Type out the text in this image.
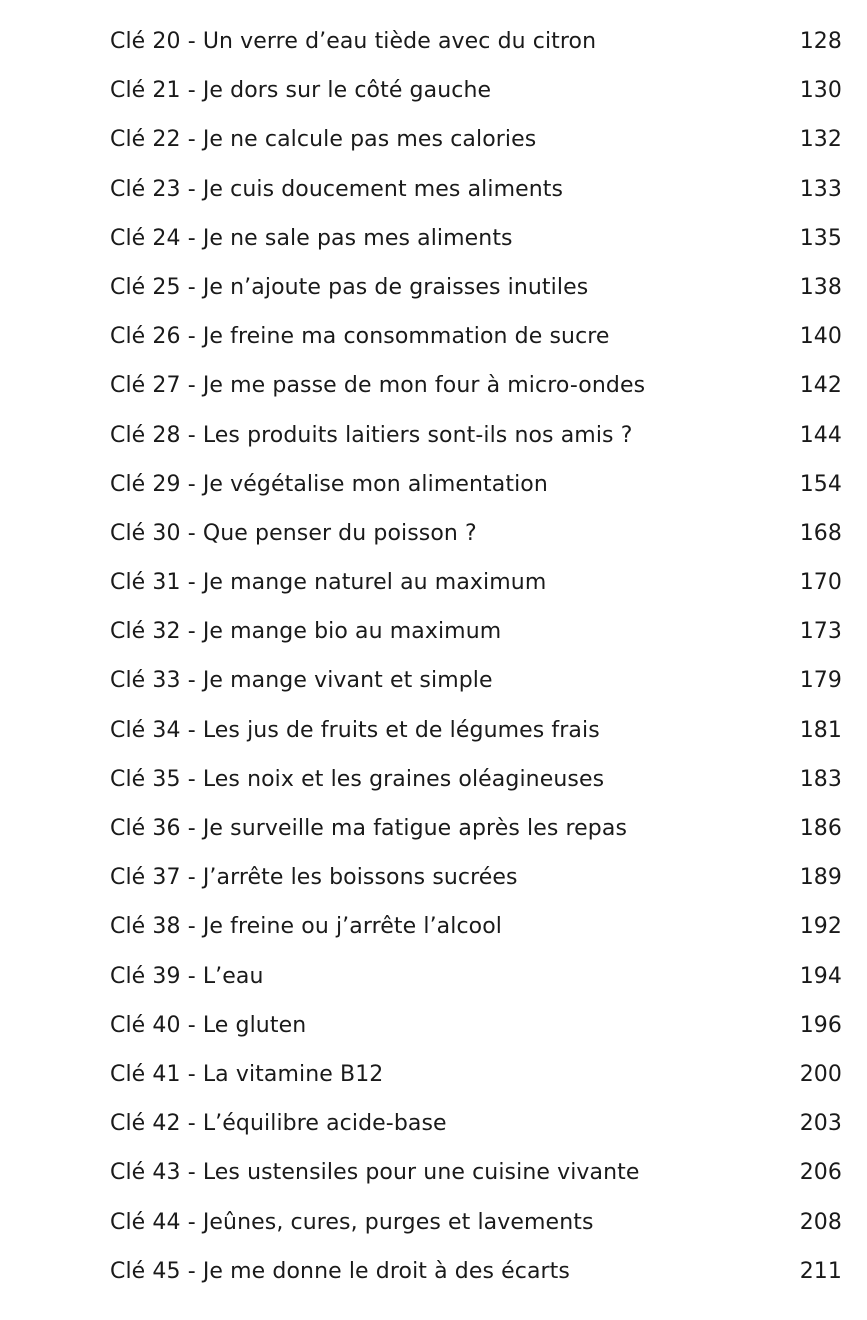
Clé 20 - Un verre d’eau tiède avec du citron .....	128
Clé 21 - Je dors sur le côté gauche .....	130
Clé 22 - Je ne calcule pas mes calories .....	132
Clé 23 - Je cuis doucement mes aliments .....	133
Clé 24 - Je ne sale pas mes aliments .....	135
Clé 25 - Je n’ajoute pas de graisses inutiles .....	138
Clé 26 - Je freine ma consommation de sucre .....	140
Clé 27 - Je me passe de mon four à micro-ondes .....	142
Clé 28 - Les produits laitiers sont-ils nos amis ? .....	144
Clé 29 - Je végétalise mon alimentation .....	154
Clé 30 - Que penser du poisson ? .....	168
Clé 31 - Je mange naturel au maximum .....	170
Clé 32 - Je mange bio au maximum .....	173
Clé 33 - Je mange vivant et simple .....	179
Clé 34 - Les jus de fruits et de légumes frais .....	181
Clé 35 - Les noix et les graines oléagineuses .....	183
Clé 36 - Je surveille ma fatigue après les repas .....	186
Clé 37 - J’arrête les boissons sucrées .....	189
Clé 38 - Je freine ou j’arrête l’alcool .....	192
Clé 39 - L’eau .....	194
Clé 40 - Le gluten .....	196
Clé 41 - La vitamine B12 .....	200
Clé 42 - L’équilibre acide-base .....	203
Clé 43 - Les ustensiles pour une cuisine vivante .....	206
Clé 44 - Jeûnes, cures, purges et lavements .....	208
Clé 45 - Je me donne le droit à des écarts .....	211
